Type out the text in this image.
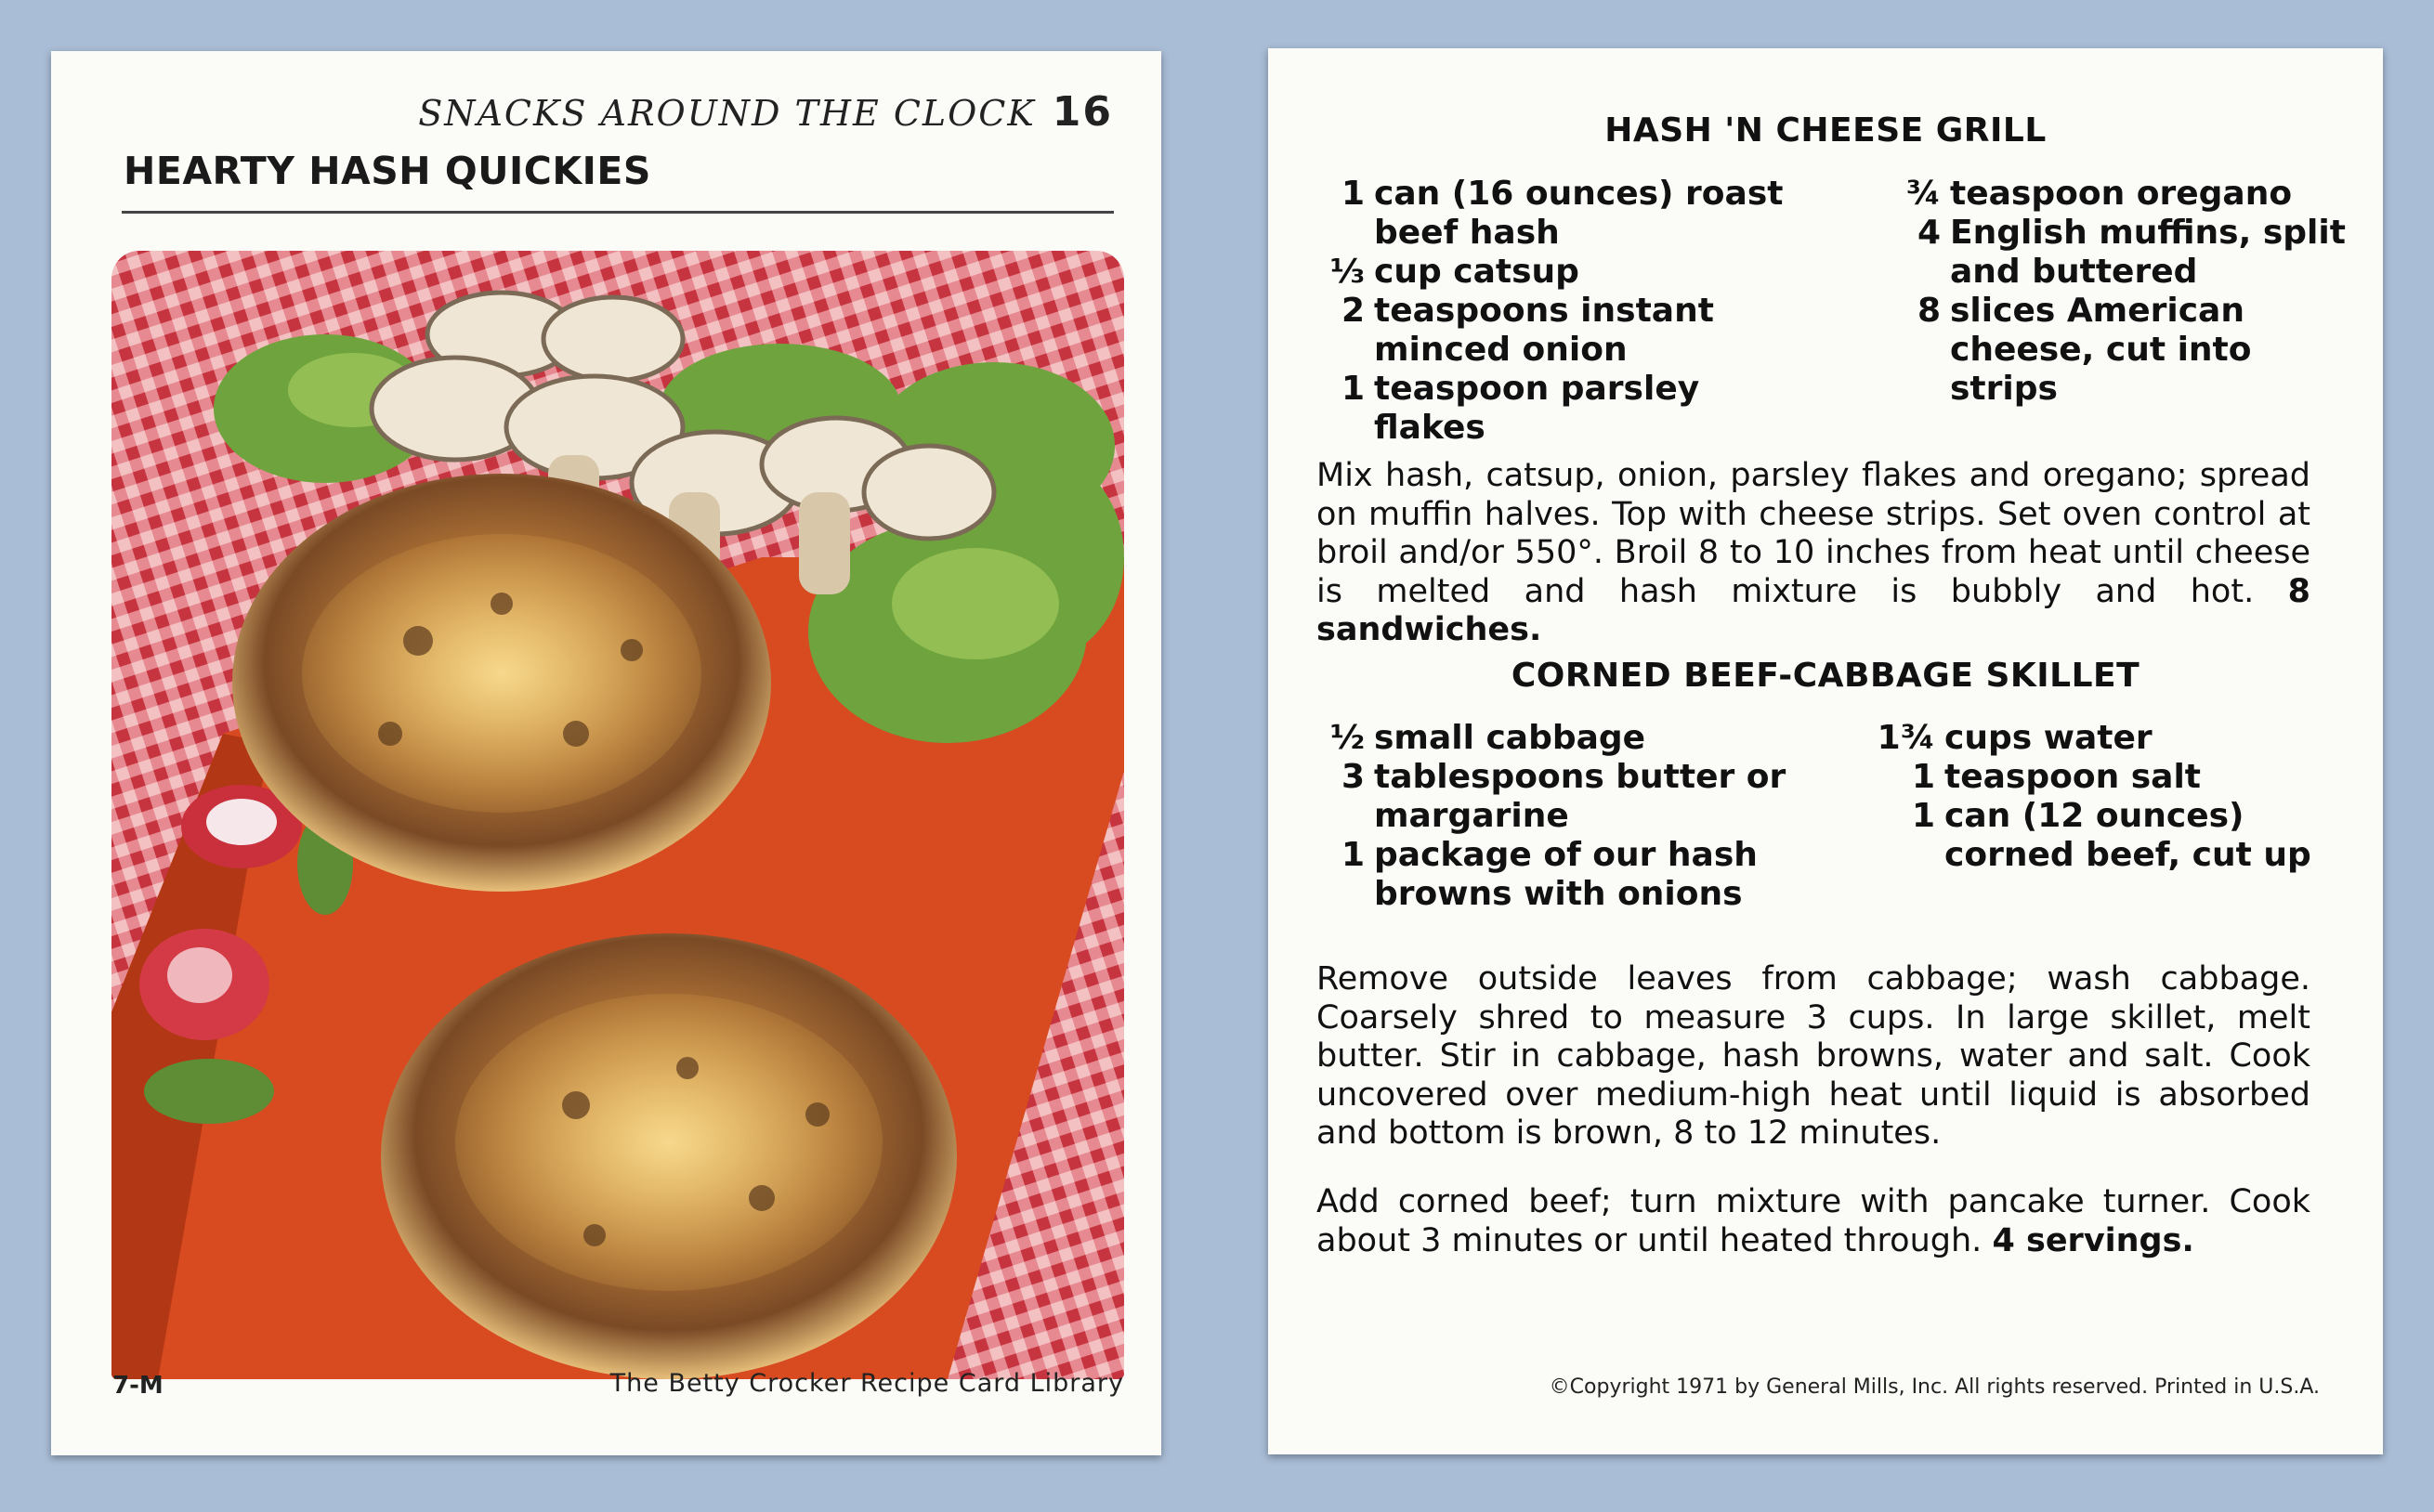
SNACKS AROUND THE CLOCK 16
HEARTY HASH QUICKIES
7-M	The Betty Crocker Recipe Card Library
HASH 'N CHEESE GRILL
1 can (16 ounces) roast beef hash
⅓ cup catsup
2 teaspoons instant minced onion
1 teaspoon parsley flakes
¾ teaspoon oregano
4 English muffins, split and buttered
8 slices American cheese, cut into strips

Mix hash, catsup, onion, parsley flakes and oregano; spread on muffin halves. Top with cheese strips. Set oven control at broil and/or 550°. Broil 8 to 10 inches from heat until cheese is melted and hash mixture is bubbly and hot. 8 sandwiches.

CORNED BEEF-CABBAGE SKILLET
½ small cabbage
3 tablespoons butter or margarine
1 package of our hash browns with onions
1¾ cups water
1 teaspoon salt
1 can (12 ounces) corned beef, cut up

Remove outside leaves from cabbage; wash cabbage. Coarsely shred to measure 3 cups. In large skillet, melt butter. Stir in cabbage, hash browns, water and salt. Cook uncovered over medium-high heat until liquid is absorbed and bottom is brown, 8 to 12 minutes.

Add corned beef; turn mixture with pancake turner. Cook about 3 minutes or until heated through. 4 servings.

©Copyright 1971 by General Mills, Inc. All rights reserved. Printed in U.S.A.
